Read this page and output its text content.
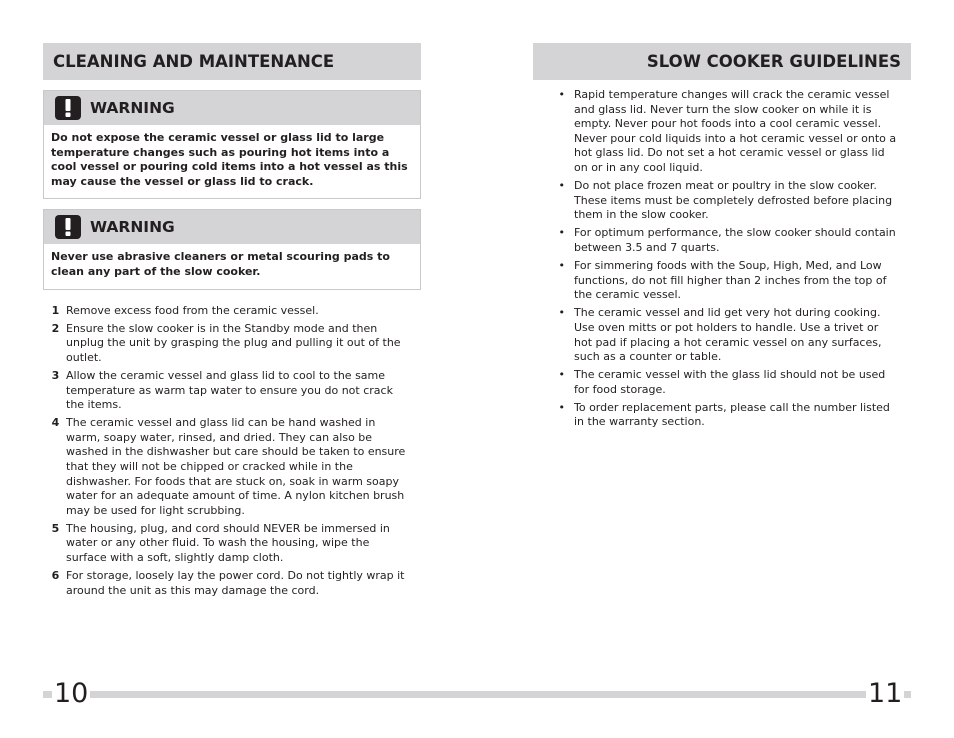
CLEANING AND MAINTENANCE
WARNING
Do not expose the ceramic vessel or glass lid to large temperature changes such as pouring hot items into a cool vessel or pouring cold items into a hot vessel as this may cause the vessel or glass lid to crack.
WARNING
Never use abrasive cleaners or metal scouring pads to clean any part of the slow cooker.
1 Remove excess food from the ceramic vessel.
2 Ensure the slow cooker is in the Standby mode and then unplug the unit by grasping the plug and pulling it out of the outlet.
3 Allow the ceramic vessel and glass lid to cool to the same temperature as warm tap water to ensure you do not crack the items.
4 The ceramic vessel and glass lid can be hand washed in warm, soapy water, rinsed, and dried. They can also be washed in the dishwasher but care should be taken to ensure that they will not be chipped or cracked while in the dishwasher. For foods that are stuck on, soak in warm soapy water for an adequate amount of time. A nylon kitchen brush may be used for light scrubbing.
5 The housing, plug, and cord should NEVER be immersed in water or any other fluid. To wash the housing, wipe the surface with a soft, slightly damp cloth.
6 For storage, loosely lay the power cord. Do not tightly wrap it around the unit as this may damage the cord.
SLOW COOKER GUIDELINES
• Rapid temperature changes will crack the ceramic vessel and glass lid. Never turn the slow cooker on while it is empty. Never pour hot foods into a cool ceramic vessel. Never pour cold liquids into a hot ceramic vessel or onto a hot glass lid. Do not set a hot ceramic vessel or glass lid on or in any cool liquid.
• Do not place frozen meat or poultry in the slow cooker. These items must be completely defrosted before placing them in the slow cooker.
• For optimum performance, the slow cooker should contain between 3.5 and 7 quarts.
• For simmering foods with the Soup, High, Med, and Low functions, do not fill higher than 2 inches from the top of the ceramic vessel.
• The ceramic vessel and lid get very hot during cooking. Use oven mitts or pot holders to handle. Use a trivet or hot pad if placing a hot ceramic vessel on any surfaces, such as a counter or table.
• The ceramic vessel with the glass lid should not be used for food storage.
• To order replacement parts, please call the number listed in the warranty section.
10	11
